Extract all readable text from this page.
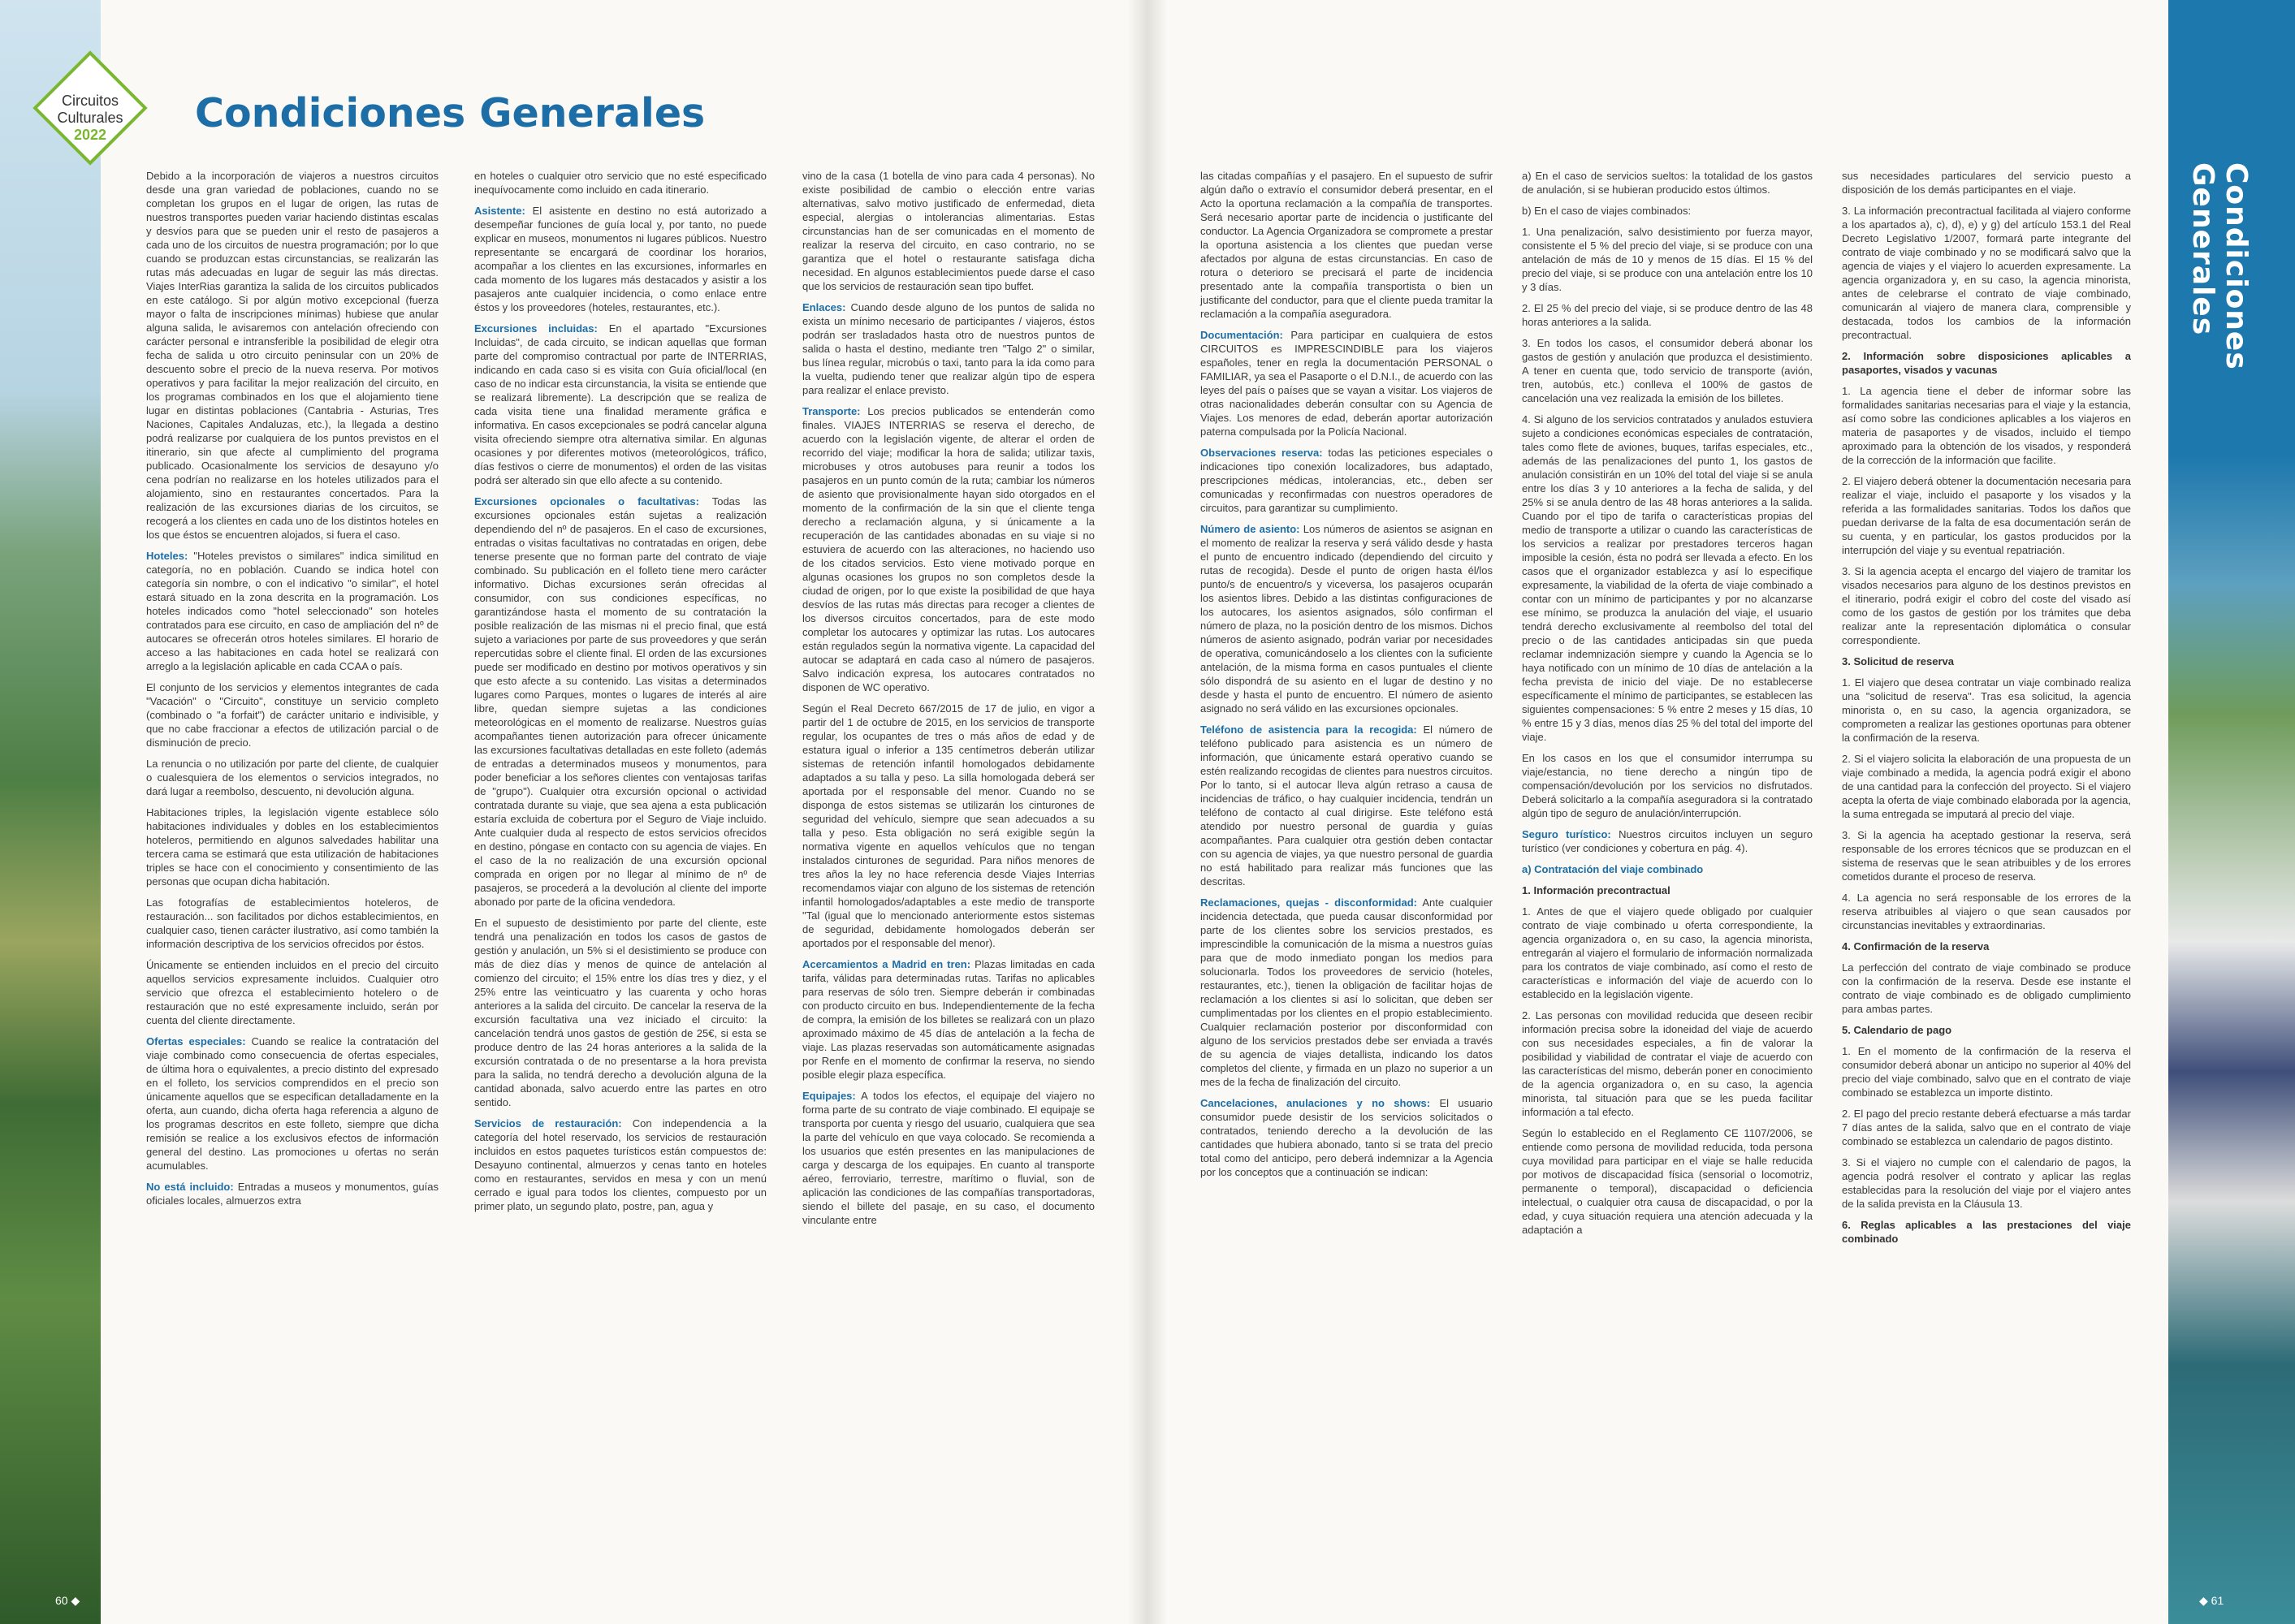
Condiciones Generales
Circuitos
Culturales
2022	Condiciones Generales

Debido a la incorporación de viajeros a nuestros circuitos desde una gran variedad de poblaciones, cuando no se completan los grupos en el lugar de origen, las rutas de nuestros transportes pueden variar haciendo distintas escalas y desvíos para que se pueden unir el resto de pasajeros a cada uno de los circuitos de nuestra programación; por lo que cuando se produzcan estas circunstancias, se realizarán las rutas más adecuadas en lugar de seguir las más directas. Viajes InterRias garantiza la salida de los circuitos publicados en este catálogo. Si por algún motivo excepcional (fuerza mayor o falta de inscripciones mínimas) hubiese que anular alguna salida, le avisaremos con antelación ofreciendo con carácter personal e intransferible la posibilidad de elegir otra fecha de salida u otro circuito peninsular con un 20% de descuento sobre el precio de la nueva reserva. Por motivos operativos y para facilitar la mejor realización del circuito, en los programas combinados en los que el alojamiento tiene lugar en distintas poblaciones (Cantabria - Asturias, Tres Naciones, Capitales Andaluzas, etc.), la llegada a destino podrá realizarse por cualquiera de los puntos previstos en el itinerario, sin que afecte al cumplimiento del programa publicado. Ocasionalmente los servicios de desayuno y/o cena podrían no realizarse en los hoteles utilizados para el alojamiento, sino en restaurantes concertados. Para la realización de las excursiones diarias de los circuitos, se recogerá a los clientes en cada uno de los distintos hoteles en los que éstos se encuentren alojados, si fuera el caso.

Hoteles: "Hoteles previstos o similares" indica similitud en categoría, no en población. Cuando se indica hotel con categoría sin nombre, o con el indicativo "o similar", el hotel estará situado en la zona descrita en la programación. Los hoteles indicados como "hotel seleccionado" son hoteles contratados para ese circuito, en caso de ampliación del nº de autocares se ofrecerán otros hoteles similares. El horario de acceso a las habitaciones en cada hotel se realizará con arreglo a la legislación aplicable en cada CCAA o país.

El conjunto de los servicios y elementos integrantes de cada "Vacación" o "Circuito", constituye un servicio completo (combinado o "a forfait") de carácter unitario e indivisible, y que no cabe fraccionar a efectos de utilización parcial o de disminución de precio.

La renuncia o no utilización por parte del cliente, de cualquier o cualesquiera de los elementos o servicios integrados, no dará lugar a reembolso, descuento, ni devolución alguna.

Habitaciones triples, la legislación vigente establece sólo habitaciones individuales y dobles en los establecimientos hoteleros, permitiendo en algunos salvedades habilitar una tercera cama se estimará que esta utilización de habitaciones triples se hace con el conocimiento y consentimiento de las personas que ocupan dicha habitación.

Las fotografías de establecimientos hoteleros, de restauración... son facilitados por dichos establecimientos, en cualquier caso, tienen carácter ilustrativo, así como también la información descriptiva de los servicios ofrecidos por éstos.

Únicamente se entienden incluidos en el precio del circuito aquellos servicios expresamente incluidos. Cualquier otro servicio que ofrezca el establecimiento hotelero o de restauración que no esté expresamente incluido, serán por cuenta del cliente directamente.

Ofertas especiales: Cuando se realice la contratación del viaje combinado como consecuencia de ofertas especiales, de última hora o equivalentes, a precio distinto del expresado en el folleto, los servicios comprendidos en el precio son únicamente aquellos que se especifican detalladamente en la oferta, aun cuando, dicha oferta haga referencia a alguno de los programas descritos en este folleto, siempre que dicha remisión se realice a los exclusivos efectos de información general del destino. Las promociones u ofertas no serán acumulables.

No está incluido: Entradas a museos y monumentos, guías oficiales locales, almuerzos extra

en hoteles o cualquier otro servicio que no esté especificado inequívocamente como incluido en cada itinerario.

Asistente: El asistente en destino no está autorizado a desempeñar funciones de guía local y, por tanto, no puede explicar en museos, monumentos ni lugares públicos. Nuestro representante se encargará de coordinar los horarios, acompañar a los clientes en las excursiones, informarles en cada momento de los lugares más destacados y asistir a los pasajeros ante cualquier incidencia, o como enlace entre éstos y los proveedores (hoteles, restaurantes, etc.).

Excursiones incluidas: En el apartado "Excursiones Incluidas", de cada circuito, se indican aquellas que forman parte del compromiso contractual por parte de INTERRIAS, indicando en cada caso si es visita con Guía oficial/local (en caso de no indicar esta circunstancia, la visita se entiende que se realizará libremente). La descripción que se realiza de cada visita tiene una finalidad meramente gráfica e informativa. En casos excepcionales se podrá cancelar alguna visita ofreciendo siempre otra alternativa similar. En algunas ocasiones y por diferentes motivos (meteorológicos, tráfico, días festivos o cierre de monumentos) el orden de las visitas podrá ser alterado sin que ello afecte a su contenido.

Excursiones opcionales o facultativas: Todas las excursiones opcionales están sujetas a realización dependiendo del nº de pasajeros. En el caso de excursiones, entradas o visitas facultativas no contratadas en origen, debe tenerse presente que no forman parte del contrato de viaje combinado. Su publicación en el folleto tiene mero carácter informativo. Dichas excursiones serán ofrecidas al consumidor, con sus condiciones específicas, no garantizándose hasta el momento de su contratación la posible realización de las mismas ni el precio final, que está sujeto a variaciones por parte de sus proveedores y que serán repercutidas sobre el cliente final. El orden de las excursiones puede ser modificado en destino por motivos operativos y sin que esto afecte a su contenido. Las visitas a determinados lugares como Parques, montes o lugares de interés al aire libre, quedan siempre sujetas a las condiciones meteorológicas en el momento de realizarse. Nuestros guías acompañantes tienen autorización para ofrecer únicamente las excursiones facultativas detalladas en este folleto (además de entradas a determinados museos y monumentos, para poder beneficiar a los señores clientes con ventajosas tarifas de "grupo"). Cualquier otra excursión opcional o actividad contratada durante su viaje, que sea ajena a esta publicación estaría excluida de cobertura por el Seguro de Viaje incluido. Ante cualquier duda al respecto de estos servicios ofrecidos en destino, póngase en contacto con su agencia de viajes. En el caso de la no realización de una excursión opcional comprada en origen por no llegar al mínimo de nº de pasajeros, se procederá a la devolución al cliente del importe abonado por parte de la oficina vendedora.

En el supuesto de desistimiento por parte del cliente, este tendrá una penalización en todos los casos de gastos de gestión y anulación, un 5% si el desistimiento se produce con más de diez días y menos de quince de antelación al comienzo del circuito; el 15% entre los días tres y diez, y el 25% entre las veinticuatro y las cuarenta y ocho horas anteriores a la salida del circuito. De cancelar la reserva de la excursión facultativa una vez iniciado el circuito: la cancelación tendrá unos gastos de gestión de 25€, si esta se produce dentro de las 24 horas anteriores a la salida de la excursión contratada o de no presentarse a la hora prevista para la salida, no tendrá derecho a devolución alguna de la cantidad abonada, salvo acuerdo entre las partes en otro sentido.

Servicios de restauración: Con independencia a la categoría del hotel reservado, los servicios de restauración incluidos en estos paquetes turísticos están compuestos de: Desayuno continental, almuerzos y cenas tanto en hoteles como en restaurantes, servidos en mesa y con un menú cerrado e igual para todos los clientes, compuesto por un primer plato, un segundo plato, postre, pan, agua y

vino de la casa (1 botella de vino para cada 4 personas). No existe posibilidad de cambio o elección entre varias alternativas, salvo motivo justificado de enfermedad, dieta especial, alergias o intolerancias alimentarias. Estas circunstancias han de ser comunicadas en el momento de realizar la reserva del circuito, en caso contrario, no se garantiza que el hotel o restaurante satisfaga dicha necesidad. En algunos establecimientos puede darse el caso que los servicios de restauración sean tipo buffet.

Enlaces: Cuando desde alguno de los puntos de salida no exista un mínimo necesario de participantes / viajeros, éstos podrán ser trasladados hasta otro de nuestros puntos de salida o hasta el destino, mediante tren "Talgo 2" o similar, bus línea regular, microbús o taxi, tanto para la ida como para la vuelta, pudiendo tener que realizar algún tipo de espera para realizar el enlace previsto.

Transporte: Los precios publicados se entenderán como finales. VIAJES INTERRIAS se reserva el derecho, de acuerdo con la legislación vigente, de alterar el orden de recorrido del viaje; modificar la hora de salida; utilizar taxis, microbuses y otros autobuses para reunir a todos los pasajeros en un punto común de la ruta; cambiar los números de asiento que provisionalmente hayan sido otorgados en el momento de la confirmación de la sin que el cliente tenga derecho a reclamación alguna, y si únicamente a la recuperación de las cantidades abonadas en su viaje si no estuviera de acuerdo con las alteraciones, no haciendo uso de los citados servicios. Esto viene motivado porque en algunas ocasiones los grupos no son completos desde la ciudad de origen, por lo que existe la posibilidad de que haya desvíos de las rutas más directas para recoger a clientes de los diversos circuitos concertados, para de este modo completar los autocares y optimizar las rutas. Los autocares están regulados según la normativa vigente. La capacidad del autocar se adaptará en cada caso al número de pasajeros. Salvo indicación expresa, los autocares contratados no disponen de WC operativo.

Según el Real Decreto 667/2015 de 17 de julio, en vigor a partir del 1 de octubre de 2015, en los servicios de transporte regular, los ocupantes de tres o más años de edad y de estatura igual o inferior a 135 centímetros deberán utilizar sistemas de retención infantil homologados debidamente adaptados a su talla y peso. La silla homologada deberá ser aportada por el responsable del menor. Cuando no se disponga de estos sistemas se utilizarán los cinturones de seguridad del vehículo, siempre que sean adecuados a su talla y peso. Esta obligación no será exigible según la normativa vigente en aquellos vehículos que no tengan instalados cinturones de seguridad. Para niños menores de tres años la ley no hace referencia desde Viajes Interrias recomendamos viajar con alguno de los sistemas de retención infantil homologados/adaptables a este medio de transporte "Tal (igual que lo mencionado anteriormente estos sistemas de seguridad, debidamente homologados deberán ser aportados por el responsable del menor).

Acercamientos a Madrid en tren: Plazas limitadas en cada tarifa, válidas para determinadas rutas. Tarifas no aplicables para reservas de sólo tren. Siempre deberán ir combinadas con producto circuito en bus. Independientemente de la fecha de compra, la emisión de los billetes se realizará con un plazo aproximado máximo de 45 días de antelación a la fecha de viaje. Las plazas reservadas son automáticamente asignadas por Renfe en el momento de confirmar la reserva, no siendo posible elegir plaza específica.

Equipajes: A todos los efectos, el equipaje del viajero no forma parte de su contrato de viaje combinado. El equipaje se transporta por cuenta y riesgo del usuario, cualquiera que sea la parte del vehículo en que vaya colocado. Se recomienda a los usuarios que estén presentes en las manipulaciones de carga y descarga de los equipajes. En cuanto al transporte aéreo, ferroviario, terrestre, marítimo o fluvial, son de aplicación las condiciones de las compañías transportadoras, siendo el billete del pasaje, en su caso, el documento vinculante entre

las citadas compañías y el pasajero. En el supuesto de sufrir algún daño o extravío el consumidor deberá presentar, en el Acto la oportuna reclamación a la compañía de transportes. Será necesario aportar parte de incidencia o justificante del conductor. La Agencia Organizadora se compromete a prestar la oportuna asistencia a los clientes que puedan verse afectados por alguna de estas circunstancias. En caso de rotura o deterioro se precisará el parte de incidencia presentado ante la compañía transportista o bien un justificante del conductor, para que el cliente pueda tramitar la reclamación a la compañía aseguradora.

Documentación: Para participar en cualquiera de estos CIRCUITOS es IMPRESCINDIBLE para los viajeros españoles, tener en regla la documentación PERSONAL o FAMILIAR, ya sea el Pasaporte o el D.N.I., de acuerdo con las leyes del país o países que se vayan a visitar. Los viajeros de otras nacionalidades deberán consultar con su Agencia de Viajes. Los menores de edad, deberán aportar autorización paterna compulsada por la Policía Nacional.

Observaciones reserva: todas las peticiones especiales o indicaciones tipo conexión localizadores, bus adaptado, prescripciones médicas, intolerancias, etc., deben ser comunicadas y reconfirmadas con nuestros operadores de circuitos, para garantizar su cumplimiento.

Número de asiento: Los números de asientos se asignan en el momento de realizar la reserva y será válido desde y hasta el punto de encuentro indicado (dependiendo del circuito y rutas de recogida). Desde el punto de origen hasta él/los punto/s de encuentro/s y viceversa, los pasajeros ocuparán los asientos libres. Debido a las distintas configuraciones de los autocares, los asientos asignados, sólo confirman el número de plaza, no la posición dentro de los mismos. Dichos números de asiento asignado, podrán variar por necesidades de operativa, comunicándoselo a los clientes con la suficiente antelación, de la misma forma en casos puntuales el cliente sólo dispondrá de su asiento en el lugar de destino y no desde y hasta el punto de encuentro. El número de asiento asignado no será válido en las excursiones opcionales.

Teléfono de asistencia para la recogida: El número de teléfono publicado para asistencia es un número de información, que únicamente estará operativo cuando se estén realizando recogidas de clientes para nuestros circuitos. Por lo tanto, si el autocar lleva algún retraso a causa de incidencias de tráfico, o hay cualquier incidencia, tendrán un teléfono de contacto al cual dirigirse. Este teléfono está atendido por nuestro personal de guardia y guías acompañantes. Para cualquier otra gestión deben contactar con su agencia de viajes, ya que nuestro personal de guardia no está habilitado para realizar más funciones que las descritas.

Reclamaciones, quejas - disconformidad: Ante cualquier incidencia detectada, que pueda causar disconformidad por parte de los clientes sobre los servicios prestados, es imprescindible la comunicación de la misma a nuestros guías para que de modo inmediato pongan los medios para solucionarla. Todos los proveedores de servicio (hoteles, restaurantes, etc.), tienen la obligación de facilitar hojas de reclamación a los clientes si así lo solicitan, que deben ser cumplimentadas por los clientes en el propio establecimiento. Cualquier reclamación posterior por disconformidad con alguno de los servicios prestados debe ser enviada a través de su agencia de viajes detallista, indicando los datos completos del cliente, y firmada en un plazo no superior a un mes de la fecha de finalización del circuito.

Cancelaciones, anulaciones y no shows: El usuario consumidor puede desistir de los servicios solicitados o contratados, teniendo derecho a la devolución de las cantidades que hubiera abonado, tanto si se trata del precio total como del anticipo, pero deberá indemnizar a la Agencia por los conceptos que a continuación se indican:

a) En el caso de servicios sueltos: la totalidad de los gastos de anulación, si se hubieran producido estos últimos.

b) En el caso de viajes combinados:

1. Una penalización, salvo desistimiento por fuerza mayor, consistente el 5 % del precio del viaje, si se produce con una antelación de más de 10 y menos de 15 días. El 15 % del precio del viaje, si se produce con una antelación entre los 10 y 3 días.

2. El 25 % del precio del viaje, si se produce dentro de las 48 horas anteriores a la salida.

3. En todos los casos, el consumidor deberá abonar los gastos de gestión y anulación que produzca el desistimiento. A tener en cuenta que, todo servicio de transporte (avión, tren, autobús, etc.) conlleva el 100% de gastos de cancelación una vez realizada la emisión de los billetes.

4. Si alguno de los servicios contratados y anulados estuviera sujeto a condiciones económicas especiales de contratación, tales como flete de aviones, buques, tarifas especiales, etc., además de las penalizaciones del punto 1, los gastos de anulación consistirán en un 10% del total del viaje si se anula entre los días 3 y 10 anteriores a la fecha de salida, y del 25% si se anula dentro de las 48 horas anteriores a la salida. Cuando por el tipo de tarifa o características propias del medio de transporte a utilizar o cuando las características de los servicios a realizar por prestadores terceros hagan imposible la cesión, ésta no podrá ser llevada a efecto. En los casos que el organizador establezca y así lo especifique expresamente, la viabilidad de la oferta de viaje combinado a contar con un mínimo de participantes y por no alcanzarse ese mínimo, se produzca la anulación del viaje, el usuario tendrá derecho exclusivamente al reembolso del total del precio o de las cantidades anticipadas sin que pueda reclamar indemnización siempre y cuando la Agencia se lo haya notificado con un mínimo de 10 días de antelación a la fecha prevista de inicio del viaje. De no establecerse específicamente el mínimo de participantes, se establecen las siguientes compensaciones: 5 % entre 2 meses y 15 días, 10 % entre 15 y 3 días, menos días 25 % del total del importe del viaje.

En los casos en los que el consumidor interrumpa su viaje/estancia, no tiene derecho a ningún tipo de compensación/devolución por los servicios no disfrutados. Deberá solicitarlo a la compañía aseguradora si la contratado algún tipo de seguro de anulación/interrupción.

Seguro turístico: Nuestros circuitos incluyen un seguro turístico (ver condiciones y cobertura en pág. 4).

a) Contratación del viaje combinado

1. Información precontractual

1. Antes de que el viajero quede obligado por cualquier contrato de viaje combinado u oferta correspondiente, la agencia organizadora o, en su caso, la agencia minorista, entregarán al viajero el formulario de información normalizada para los contratos de viaje combinado, así como el resto de características e información del viaje de acuerdo con lo establecido en la legislación vigente.

2. Las personas con movilidad reducida que deseen recibir información precisa sobre la idoneidad del viaje de acuerdo con sus necesidades especiales, a fin de valorar la posibilidad y viabilidad de contratar el viaje de acuerdo con las características del mismo, deberán poner en conocimiento de la agencia organizadora o, en su caso, la agencia minorista, tal situación para que se les pueda facilitar información a tal efecto.

Según lo establecido en el Reglamento CE 1107/2006, se entiende como persona de movilidad reducida, toda persona cuya movilidad para participar en el viaje se halle reducida por motivos de discapacidad física (sensorial o locomotriz, permanente o temporal), discapacidad o deficiencia intelectual, o cualquier otra causa de discapacidad, o por la edad, y cuya situación requiera una atención adecuada y la adaptación a

sus necesidades particulares del servicio puesto a disposición de los demás participantes en el viaje.

3. La información precontractual facilitada al viajero conforme a los apartados a), c), d), e) y g) del artículo 153.1 del Real Decreto Legislativo 1/2007, formará parte integrante del contrato de viaje combinado y no se modificará salvo que la agencia de viajes y el viajero lo acuerden expresamente. La agencia organizadora y, en su caso, la agencia minorista, antes de celebrarse el contrato de viaje combinado, comunicarán al viajero de manera clara, comprensible y destacada, todos los cambios de la información precontractual.

2. Información sobre disposiciones aplicables a pasaportes, visados y vacunas

1. La agencia tiene el deber de informar sobre las formalidades sanitarias necesarias para el viaje y la estancia, así como sobre las condiciones aplicables a los viajeros en materia de pasaportes y de visados, incluido el tiempo aproximado para la obtención de los visados, y responderá de la corrección de la información que facilite.

2. El viajero deberá obtener la documentación necesaria para realizar el viaje, incluido el pasaporte y los visados y la referida a las formalidades sanitarias. Todos los daños que puedan derivarse de la falta de esa documentación serán de su cuenta, y en particular, los gastos producidos por la interrupción del viaje y su eventual repatriación.

3. Si la agencia acepta el encargo del viajero de tramitar los visados necesarios para alguno de los destinos previstos en el itinerario, podrá exigir el cobro del coste del visado así como de los gastos de gestión por los trámites que deba realizar ante la representación diplomática o consular correspondiente.

3. Solicitud de reserva

1. El viajero que desea contratar un viaje combinado realiza una "solicitud de reserva". Tras esa solicitud, la agencia minorista o, en su caso, la agencia organizadora, se comprometen a realizar las gestiones oportunas para obtener la confirmación de la reserva.

2. Si el viajero solicita la elaboración de una propuesta de un viaje combinado a medida, la agencia podrá exigir el abono de una cantidad para la confección del proyecto. Si el viajero acepta la oferta de viaje combinado elaborada por la agencia, la suma entregada se imputará al precio del viaje.

3. Si la agencia ha aceptado gestionar la reserva, será responsable de los errores técnicos que se produzcan en el sistema de reservas que le sean atribuibles y de los errores cometidos durante el proceso de reserva.

4. La agencia no será responsable de los errores de la reserva atribuibles al viajero o que sean causados por circunstancias inevitables y extraordinarias.

4. Confirmación de la reserva

La perfección del contrato de viaje combinado se produce con la confirmación de la reserva. Desde ese instante el contrato de viaje combinado es de obligado cumplimiento para ambas partes.

5. Calendario de pago

1. En el momento de la confirmación de la reserva el consumidor deberá abonar un anticipo no superior al 40% del precio del viaje combinado, salvo que en el contrato de viaje combinado se establezca un importe distinto.

2. El pago del precio restante deberá efectuarse a más tardar 7 días antes de la salida, salvo que en el contrato de viaje combinado se establezca un calendario de pagos distinto.

3. Si el viajero no cumple con el calendario de pagos, la agencia podrá resolver el contrato y aplicar las reglas establecidas para la resolución del viaje por el viajero antes de la salida prevista en la Cláusula 13.

6. Reglas aplicables a las prestaciones del viaje combinado

60 ◆	◆ 61
